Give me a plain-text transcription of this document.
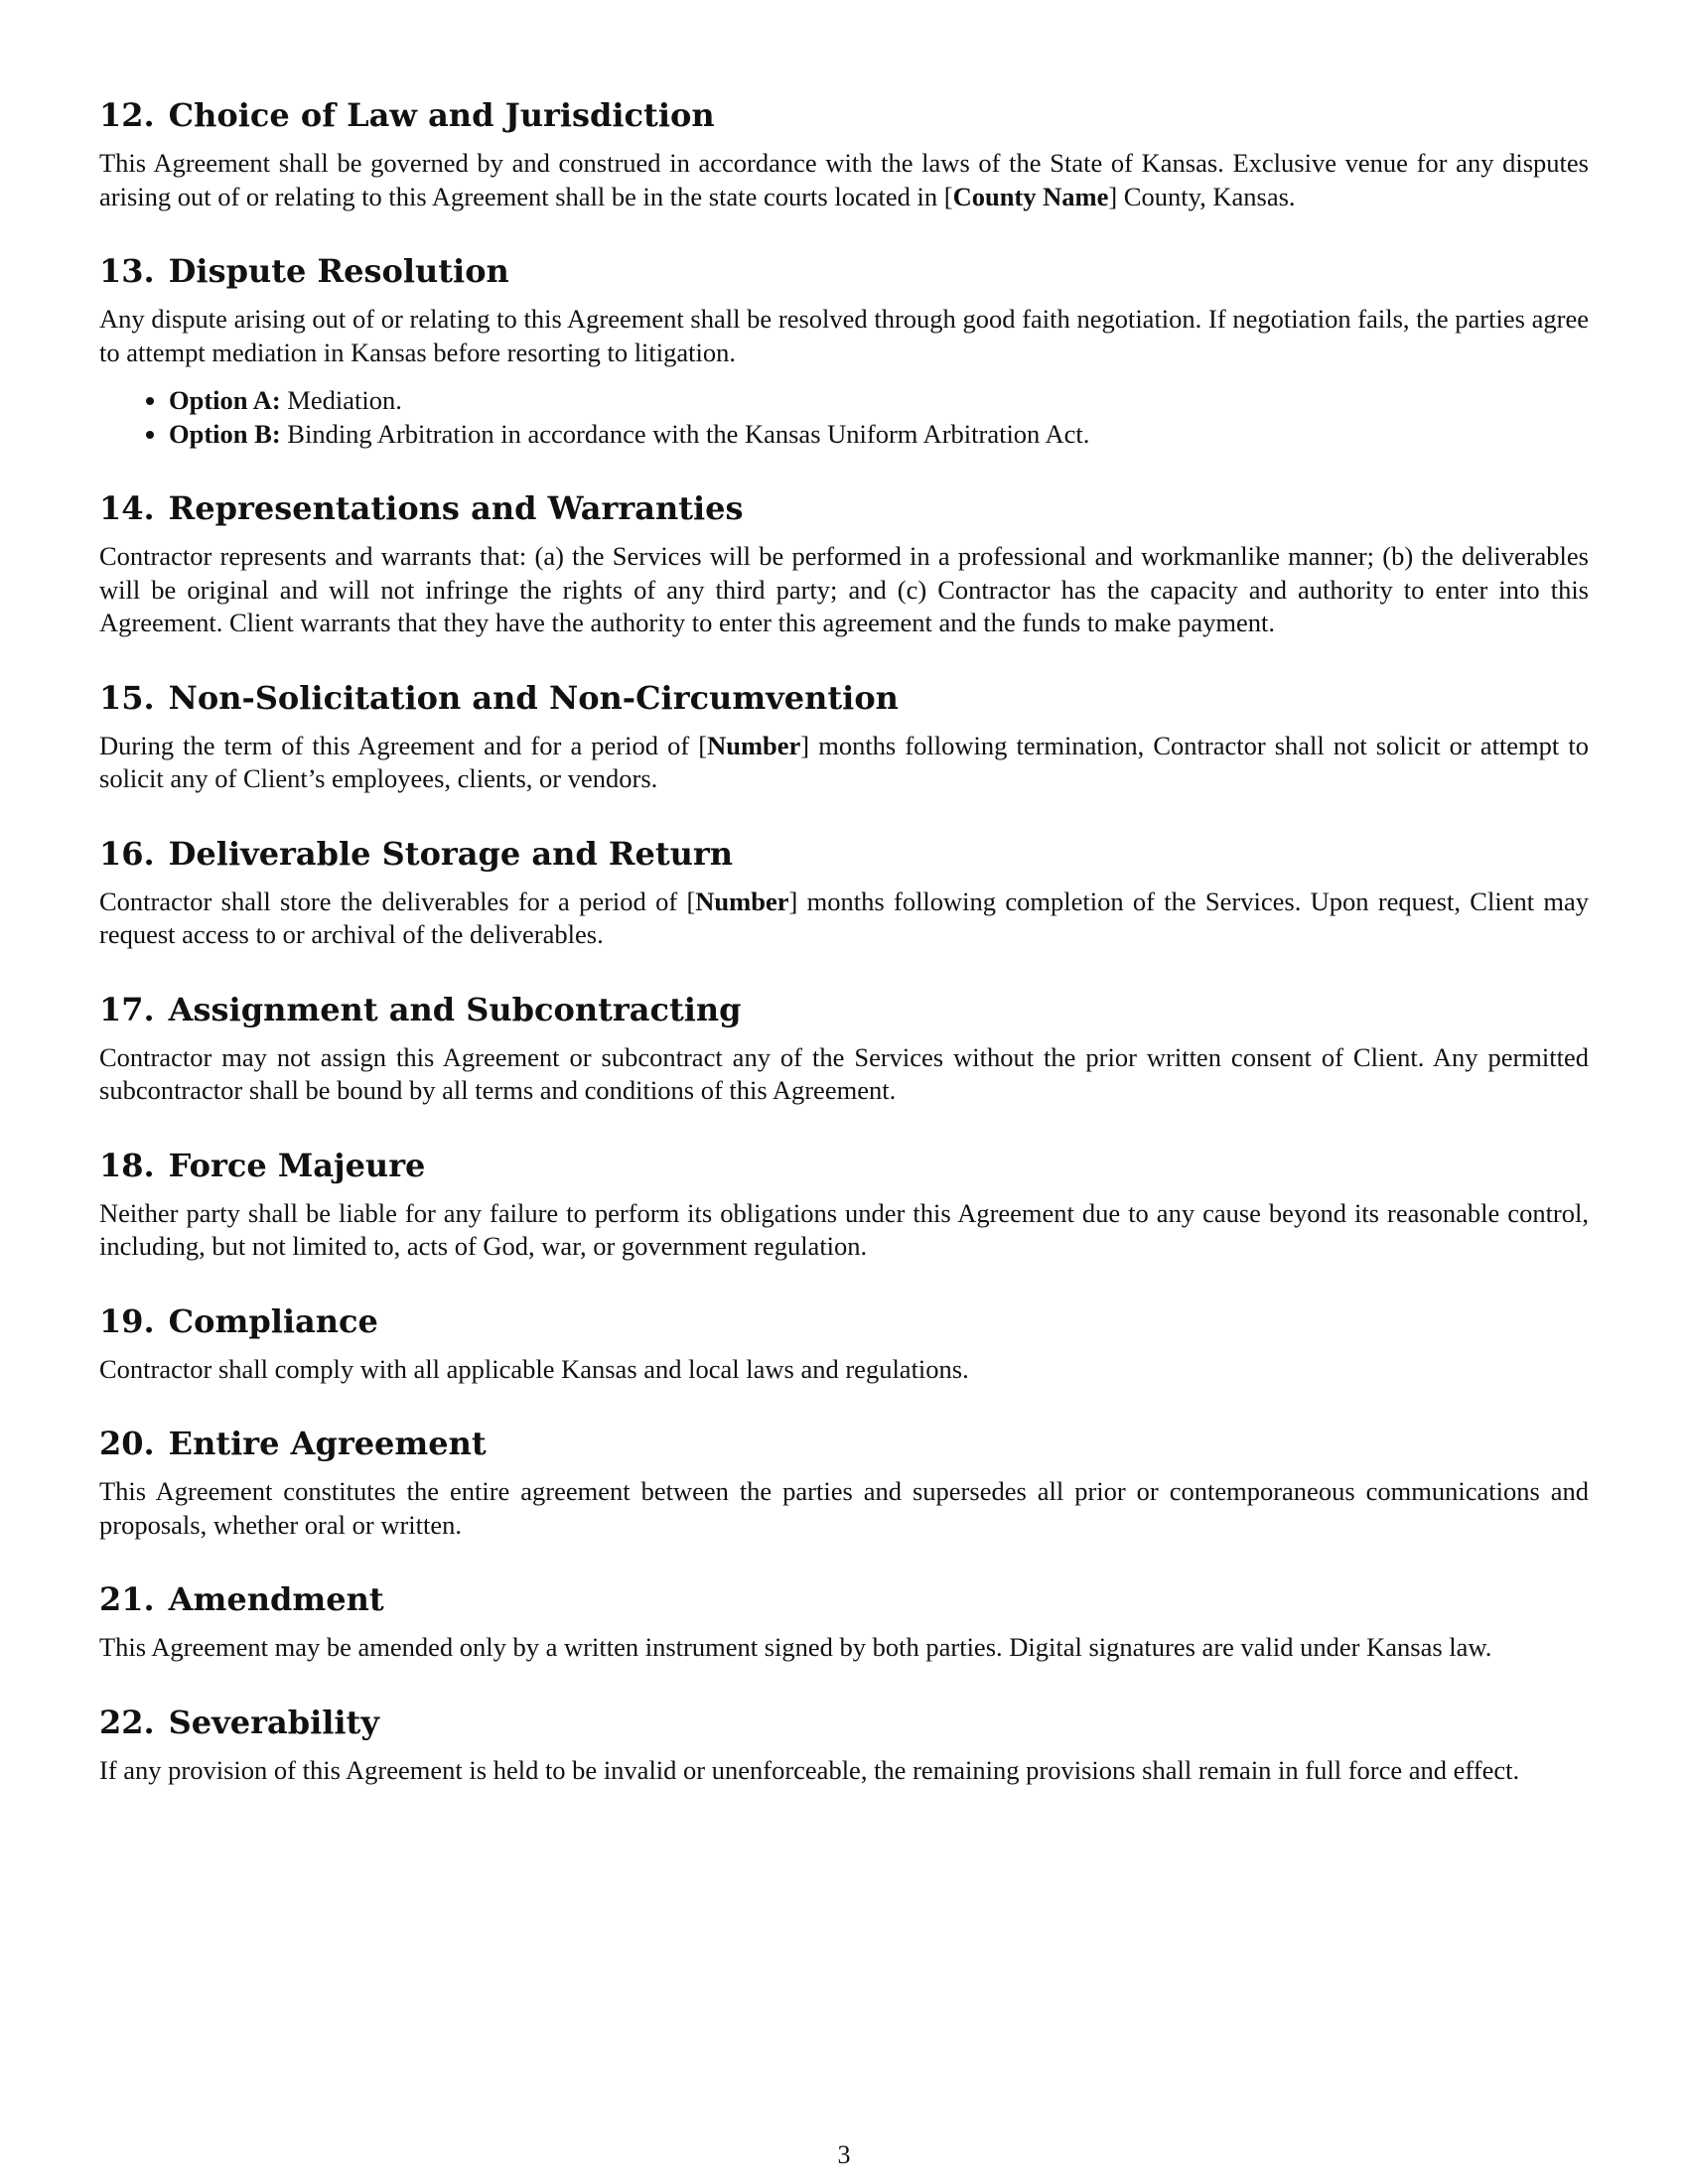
12. Choice of Law and Jurisdiction

This Agreement shall be governed by and construed in accordance with the laws of the State of Kansas. Exclusive venue for any disputes arising out of or relating to this Agreement shall be in the state courts located in [County Name] County, Kansas.

13. Dispute Resolution

Any dispute arising out of or relating to this Agreement shall be resolved through good faith negotiation. If negotiation fails, the parties agree to attempt mediation in Kansas before resorting to litigation.

• Option A: Mediation.
• Option B: Binding Arbitration in accordance with the Kansas Uniform Arbitration Act.
14. Representations and Warranties

Contractor represents and warrants that: (a) the Services will be performed in a professional and workmanlike manner; (b) the deliverables will be original and will not infringe the rights of any third party; and (c) Contractor has the capacity and authority to enter into this Agreement. Client warrants that they have the authority to enter this agreement and the funds to make payment.

15. Non-Solicitation and Non-Circumvention

During the term of this Agreement and for a period of [Number] months following termination, Contractor shall not solicit or attempt to solicit any of Client’s employees, clients, or vendors.

16. Deliverable Storage and Return

Contractor shall store the deliverables for a period of [Number] months following completion of the Services. Upon request, Client may request access to or archival of the deliverables.

17. Assignment and Subcontracting

Contractor may not assign this Agreement or subcontract any of the Services without the prior written consent of Client. Any permitted subcontractor shall be bound by all terms and conditions of this Agreement.

18. Force Majeure

Neither party shall be liable for any failure to perform its obligations under this Agreement due to any cause beyond its reasonable control, including, but not limited to, acts of God, war, or government regulation.

19. Compliance

Contractor shall comply with all applicable Kansas and local laws and regulations.

20. Entire Agreement

This Agreement constitutes the entire agreement between the parties and supersedes all prior or contemporaneous communications and proposals, whether oral or written.

21. Amendment

This Agreement may be amended only by a written instrument signed by both parties. Digital signatures are valid under Kansas law.

22. Severability

If any provision of this Agreement is held to be invalid or unenforceable, the remaining provisions shall remain in full force and effect.

3
